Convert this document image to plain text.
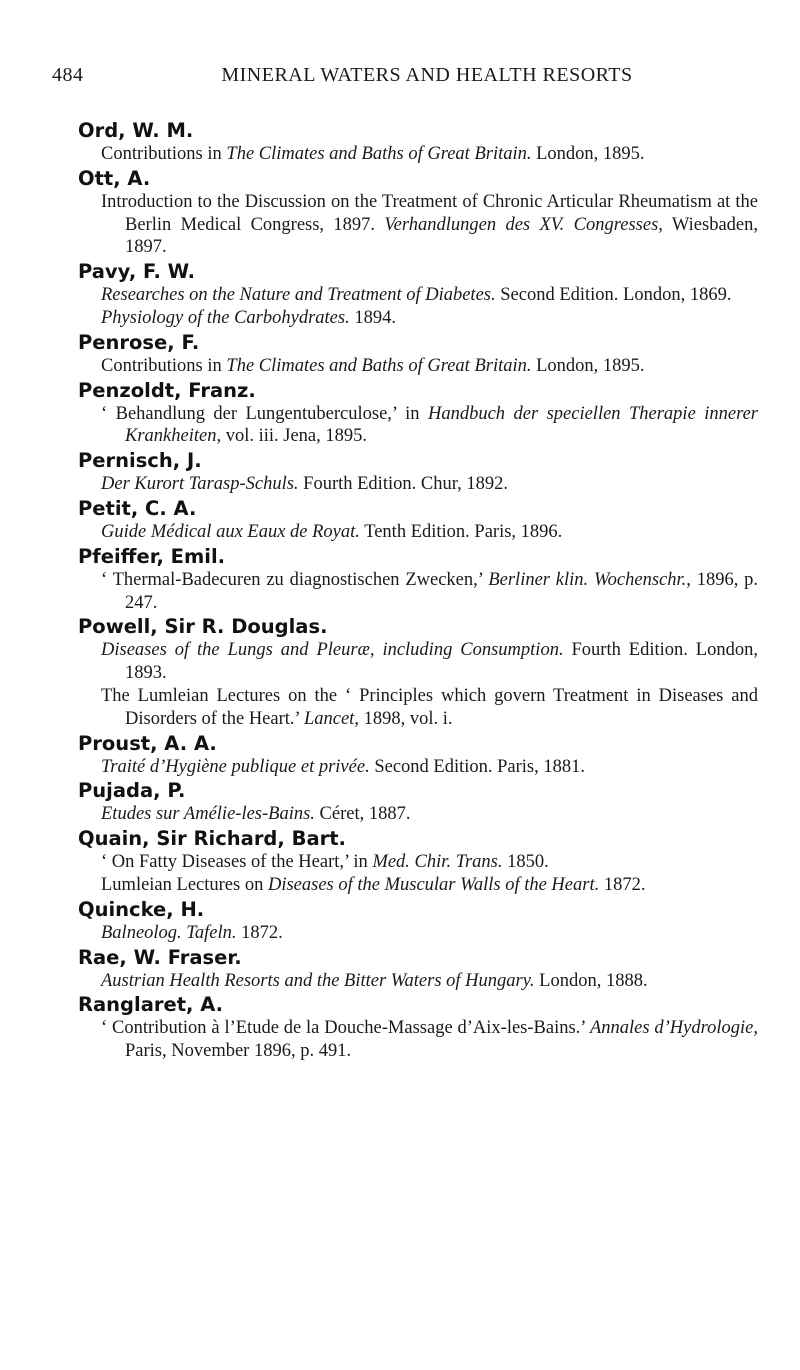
484	MINERAL WATERS AND HEALTH RESORTS
Ord, W. M.
Contributions in The Climates and Baths of Great Britain. London, 1895.
Ott, A.
Introduction to the Discussion on the Treatment of Chronic Articular Rheumatism at the Berlin Medical Congress, 1897. Verhandlungen des XV. Congresses, Wiesbaden, 1897.
Pavy, F. W.
Researches on the Nature and Treatment of Diabetes. Second Edition. London, 1869.
Physiology of the Carbohydrates. 1894.
Penrose, F.
Contributions in The Climates and Baths of Great Britain. London, 1895.
Penzoldt, Franz.
‘ Behandlung der Lungentuberculose,’ in Handbuch der speciellen Therapie innerer Krankheiten, vol. iii. Jena, 1895.
Pernisch, J.
Der Kurort Tarasp-Schuls. Fourth Edition. Chur, 1892.
Petit, C. A.
Guide Médical aux Eaux de Royat. Tenth Edition. Paris, 1896.
Pfeiffer, Emil.
‘ Thermal-Badecuren zu diagnostischen Zwecken,’ Berliner klin. Wochenschr., 1896, p. 247.
Powell, Sir R. Douglas.
Diseases of the Lungs and Pleuræ, including Consumption. Fourth Edition. London, 1893.
The Lumleian Lectures on the ‘ Principles which govern Treatment in Diseases and Disorders of the Heart.’ Lancet, 1898, vol. i.
Proust, A. A.
Traité d’Hygiène publique et privée. Second Edition. Paris, 1881.
Pujada, P.
Etudes sur Amélie-les-Bains. Céret, 1887.
Quain, Sir Richard, Bart.
‘ On Fatty Diseases of the Heart,’ in Med. Chir. Trans. 1850.
Lumleian Lectures on Diseases of the Muscular Walls of the Heart. 1872.
Quincke, H.
Balneolog. Tafeln. 1872.
Rae, W. Fraser.
Austrian Health Resorts and the Bitter Waters of Hungary. London, 1888.
Ranglaret, A.
‘ Contribution à l’Etude de la Douche-Massage d’Aix-les-Bains.’ Annales d’Hydrologie, Paris, November 1896, p. 491.
